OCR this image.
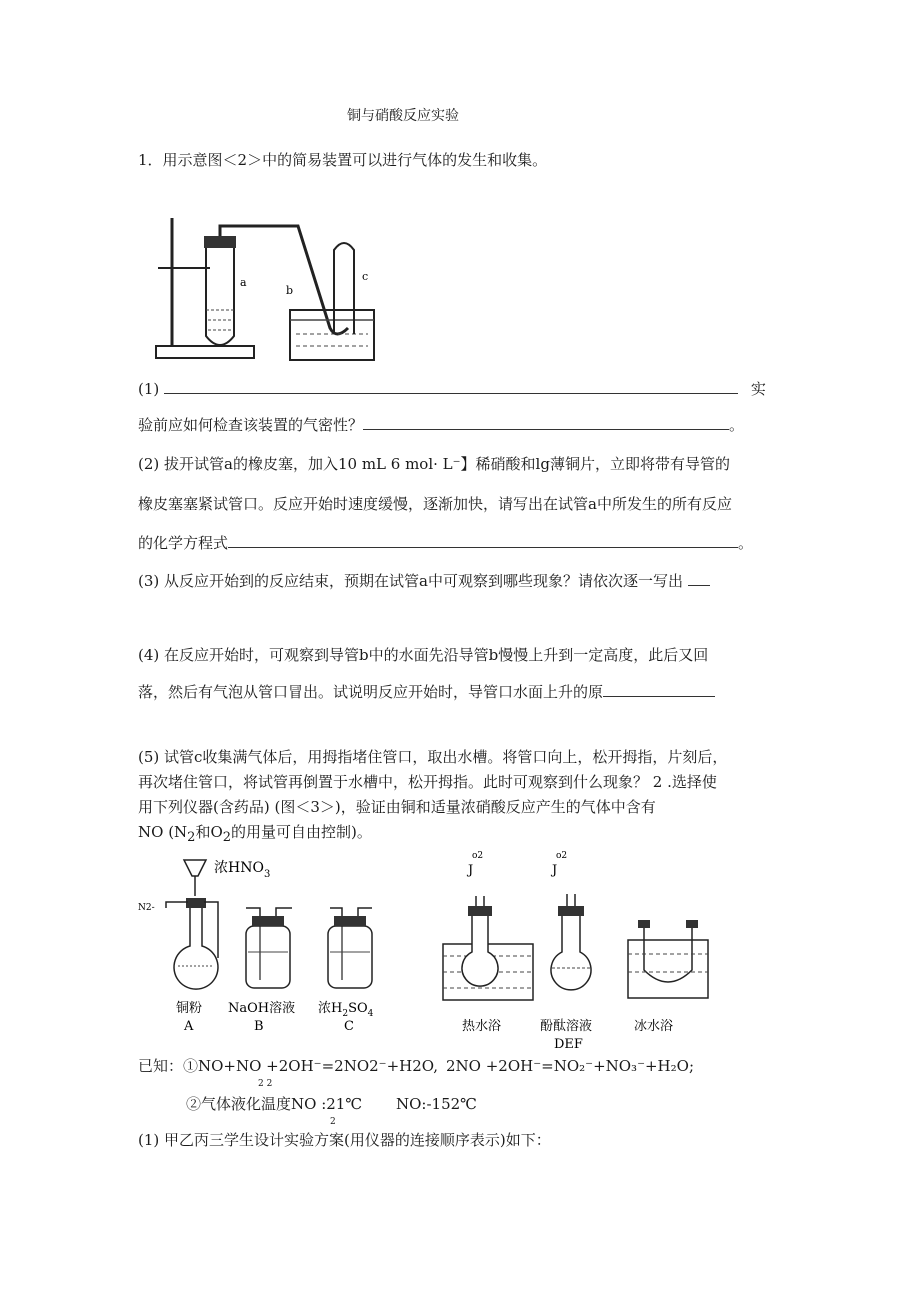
铜与硝酸反应实验
1．用示意图＜2＞中的简易装置可以进行气体的发生和收集。
a
b
c
(1)	实
验前应如何检查该装置的气密性？	。
(2) 拔开试管a的橡皮塞，加入10 mL 6 mol· L⁻】稀硝酸和lg薄铜片，立即将带有导管的
橡皮塞塞紧试管口。反应开始时速度缓慢，逐渐加快，请写出在试管a中所发生的所有反应
的化学方程式	。
(3) 从反应开始到的反应结束，预期在试管a中可观察到哪些现象？请依次逐一写出
(4) 在反应开始时，可观察到导管b中的水面先沿导管b慢慢上升到一定高度，此后又回
落，然后有气泡从管口冒出。试说明反应开始时，导管口水面上升的原
(5) 试管c收集满气体后，用拇指堵住管口，取出水槽。将管口向上，松开拇指，片刻后，
再次堵住管口，将试管再倒置于水槽中，松开拇指。此时可观察到什么现象？ 2 .选择使
用下列仪器(含药品) (图＜3＞)，验证由铜和适量浓硝酸反应产生的气体中含有
NO ($N_2$和$O_2$的用量可自由控制)。
浓$HNO_3$
N2-
o2
J
o2
J
铜粉
A
NaOH溶液
B
浓$H_2SO_4$
C	热水浴	酚酞溶液
DEF
冰水浴
已知：①NO+NO +2OH⁻=2NO2⁻+H2O,
2 2
2NO +2OH⁻=NO₂⁻+NO₃⁻+H₂O;
②气体液化温度NO :21℃
2
NO:-152℃
(1) 甲乙丙三学生设计实验方案(用仪器的连接顺序表示)如下：
